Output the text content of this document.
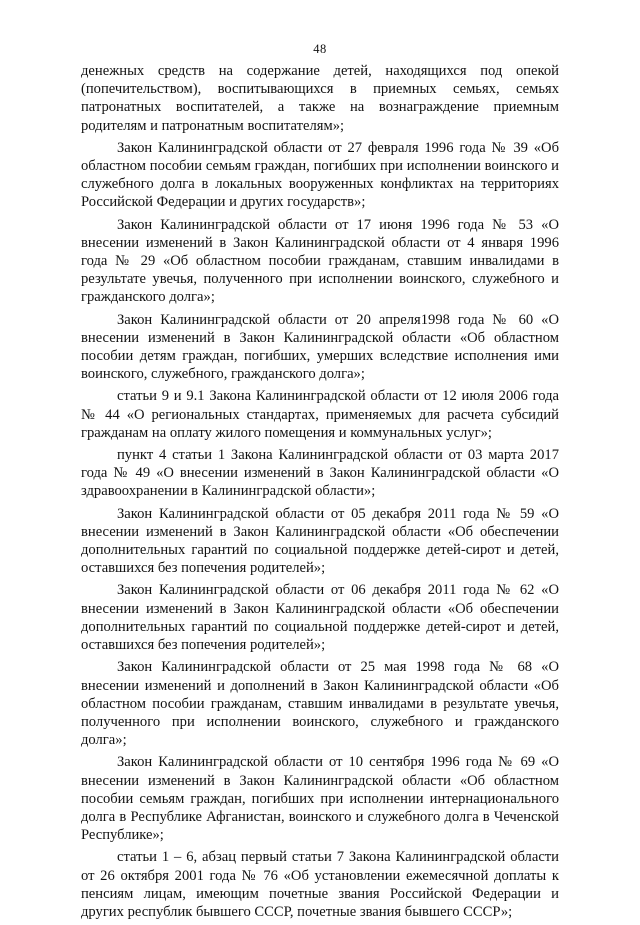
48

денежных средств на содержание детей, находящихся под опекой (попечительством), воспитывающихся в приемных семьях, семьях патронатных воспитателей, а также на вознаграждение приемным родителям и патронатным воспитателям»;

Закон Калининградской области от 27 февраля 1996 года № 39 «Об областном пособии семьям граждан, погибших при исполнении воинского и служебного долга в локальных вооруженных конфликтах на территориях Российской Федерации и других государств»;

Закон Калининградской области от 17 июня 1996 года № 53 «О внесении изменений в Закон Калининградской области от 4 января 1996 года № 29 «Об областном пособии гражданам, ставшим инвалидами в результате увечья, полученного при исполнении воинского, служебного и гражданского долга»;

Закон Калининградской области от 20 апреля1998 года № 60 «О внесении изменений в Закон Калининградской области «Об областном пособии детям граждан, погибших, умерших вследствие исполнения ими воинского, служебного, гражданского долга»;

статьи 9 и 9.1 Закона Калининградской области от 12 июля 2006 года № 44 «О региональных стандартах, применяемых для расчета субсидий гражданам на оплату жилого помещения и коммунальных услуг»;

пункт 4 статьи 1 Закона Калининградской области от 03 марта 2017 года № 49 «О внесении изменений в Закон Калининградской области «О здравоохранении в Калининградской области»;

Закон Калининградской области от 05 декабря 2011 года № 59 «О внесении изменений в Закон Калининградской области «Об обеспечении дополнительных гарантий по социальной поддержке детей-сирот и детей, оставшихся без попечения родителей»;

Закон Калининградской области от 06 декабря 2011 года № 62 «О внесении изменений в Закон Калининградской области «Об обеспечении дополнительных гарантий по социальной поддержке детей-сирот и детей, оставшихся без попечения родителей»;

Закон Калининградской области от 25 мая 1998 года № 68 «О внесении изменений и дополнений в Закон Калининградской области «Об областном пособии гражданам, ставшим инвалидами в результате увечья, полученного при исполнении воинского, служебного и гражданского долга»;

Закон Калининградской области от 10 сентября 1996 года № 69 «О внесении изменений в Закон Калининградской области «Об областном пособии семьям граждан, погибших при исполнении интернационального долга в Республике Афганистан, воинского и служебного долга в Чеченской Республике»;

статьи 1 – 6, абзац первый статьи 7 Закона Калининградской области от 26 октября 2001 года № 76 «Об установлении ежемесячной доплаты к пенсиям лицам, имеющим почетные звания Российской Федерации и других республик бывшего СССР, почетные звания бывшего СССР»;
